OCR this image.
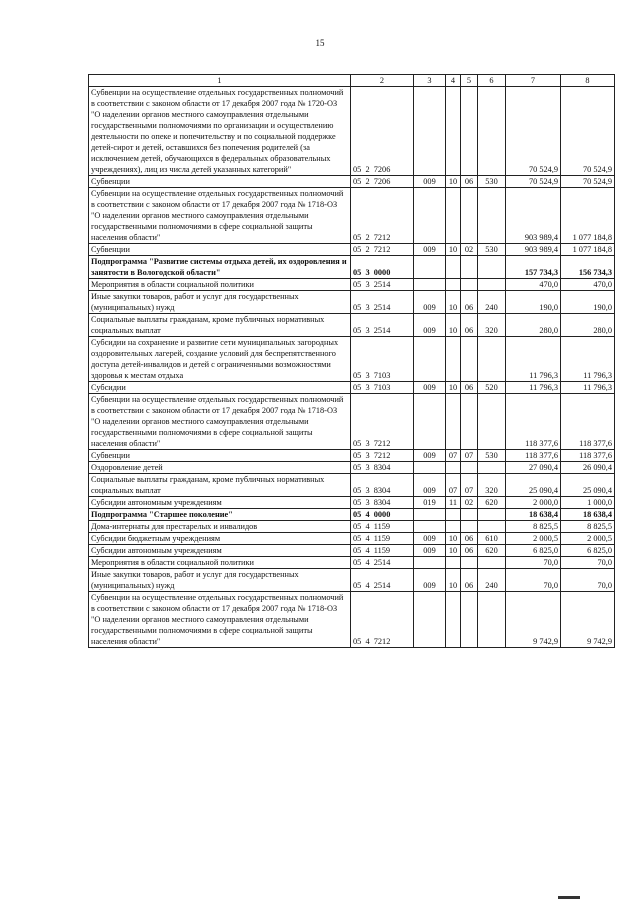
15
1	2	3	4	5	6	7	8
Субвенции на осуществление отдельных государственных полномочий в соответствии с законом области от 17 декабря 2007 года № 1720-ОЗ "О наделении органов местного самоуправления отдельными государственными полномочиями по организации и осуществлению деятельности по опеке и попечительству и по социальной поддержке детей-сирот и детей, оставшихся без попечения родителей (за исключением детей, обучающихся в федеральных образовательных учреждениях), лиц из числа детей указанных категорий"	05  2  7206					70 524,9	70 524,9
Субвенции	05  2  7206	009	10	06	530	70 524,9	70 524,9
Субвенции на осуществление отдельных государственных полномочий в соответствии с законом области от 17 декабря 2007 года № 1718-ОЗ "О наделении органов местного самоуправления отдельными государственными полномочиями в сфере социальной защиты населения области"	05  2  7212					903 989,4	1 077 184,8
Субвенции	05  2  7212	009	10	02	530	903 989,4	1 077 184,8
Подпрограмма "Развитие системы отдыха детей, их оздоровления и занятости в Вологодской области"	05  3  0000					157 734,3	156 734,3
Мероприятия в области социальной политики	05  3  2514					470,0	470,0
Иные закупки товаров, работ и услуг для государственных (муниципальных) нужд	05  3  2514	009	10	06	240	190,0	190,0
Социальные выплаты гражданам, кроме публичных нормативных социальных выплат	05  3  2514	009	10	06	320	280,0	280,0
Субсидии на сохранение и развитие сети муниципальных загородных оздоровительных лагерей, создание условий для беспрепятственного доступа детей-инвалидов и детей с ограниченными возможностями здоровья к местам отдыха	05  3  7103					11 796,3	11 796,3
Субсидии	05  3  7103	009	10	06	520	11 796,3	11 796,3
Субвенции на осуществление отдельных государственных полномочий в соответствии с законом области от 17 декабря 2007 года № 1718-ОЗ "О наделении органов местного самоуправления отдельными государственными полномочиями в сфере социальной защиты населения области"	05  3  7212					118 377,6	118 377,6
Субвенции	05  3  7212	009	07	07	530	118 377,6	118 377,6
Оздоровление детей	05  3  8304					27 090,4	26 090,4
Социальные выплаты гражданам, кроме публичных нормативных социальных выплат	05  3  8304	009	07	07	320	25 090,4	25 090,4
Субсидии автономным учреждениям	05  3  8304	019	11	02	620	2 000,0	1 000,0
Подпрограмма "Старшее поколение"	05  4  0000					18 638,4	18 638,4
Дома-интернаты для престарелых и инвалидов	05  4  1159					8 825,5	8 825,5
Субсидии бюджетным учреждениям	05  4  1159	009	10	06	610	2 000,5	2 000,5
Субсидии автономным учреждениям	05  4  1159	009	10	06	620	6 825,0	6 825,0
Мероприятия в области социальной политики	05  4  2514					70,0	70,0
Иные закупки товаров, работ и услуг для государственных (муниципальных) нужд	05  4  2514	009	10	06	240	70,0	70,0
Субвенции на осуществление отдельных государственных полномочий в соответствии с законом области от 17 декабря 2007 года № 1718-ОЗ "О наделении органов местного самоуправления отдельными государственными полномочиями в сфере социальной защиты населения области"	05  4  7212					9 742,9	9 742,9
